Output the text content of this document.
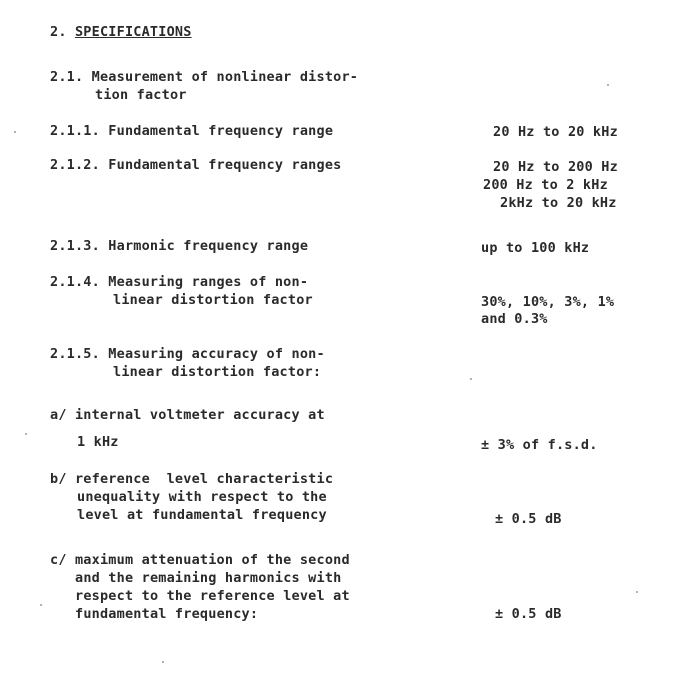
2. SPECIFICATIONS
2.1. Measurement of nonlinear distor-
tion factor
2.1.1. Fundamental frequency range	20 Hz to 20 kHz
2.1.2. Fundamental frequency ranges	20 Hz to 200 Hz
200 Hz to 2 kHz
2kHz to 20 kHz
2.1.3. Harmonic frequency range	up to 100 kHz
2.1.4. Measuring ranges of non-
linear distortion factor	30%, 10%, 3%, 1%
and 0.3%
2.1.5. Measuring accuracy of non-
linear distortion factor:
a/ internal voltmeter accuracy at
1 kHz	± 3% of f.s.d.
b/ reference  level characteristic
unequality with respect to the
level at fundamental frequency	± 0.5 dB
c/ maximum attenuation of the second
and the remaining harmonics with
respect to the reference level at
fundamental frequency:	± 0.5 dB
